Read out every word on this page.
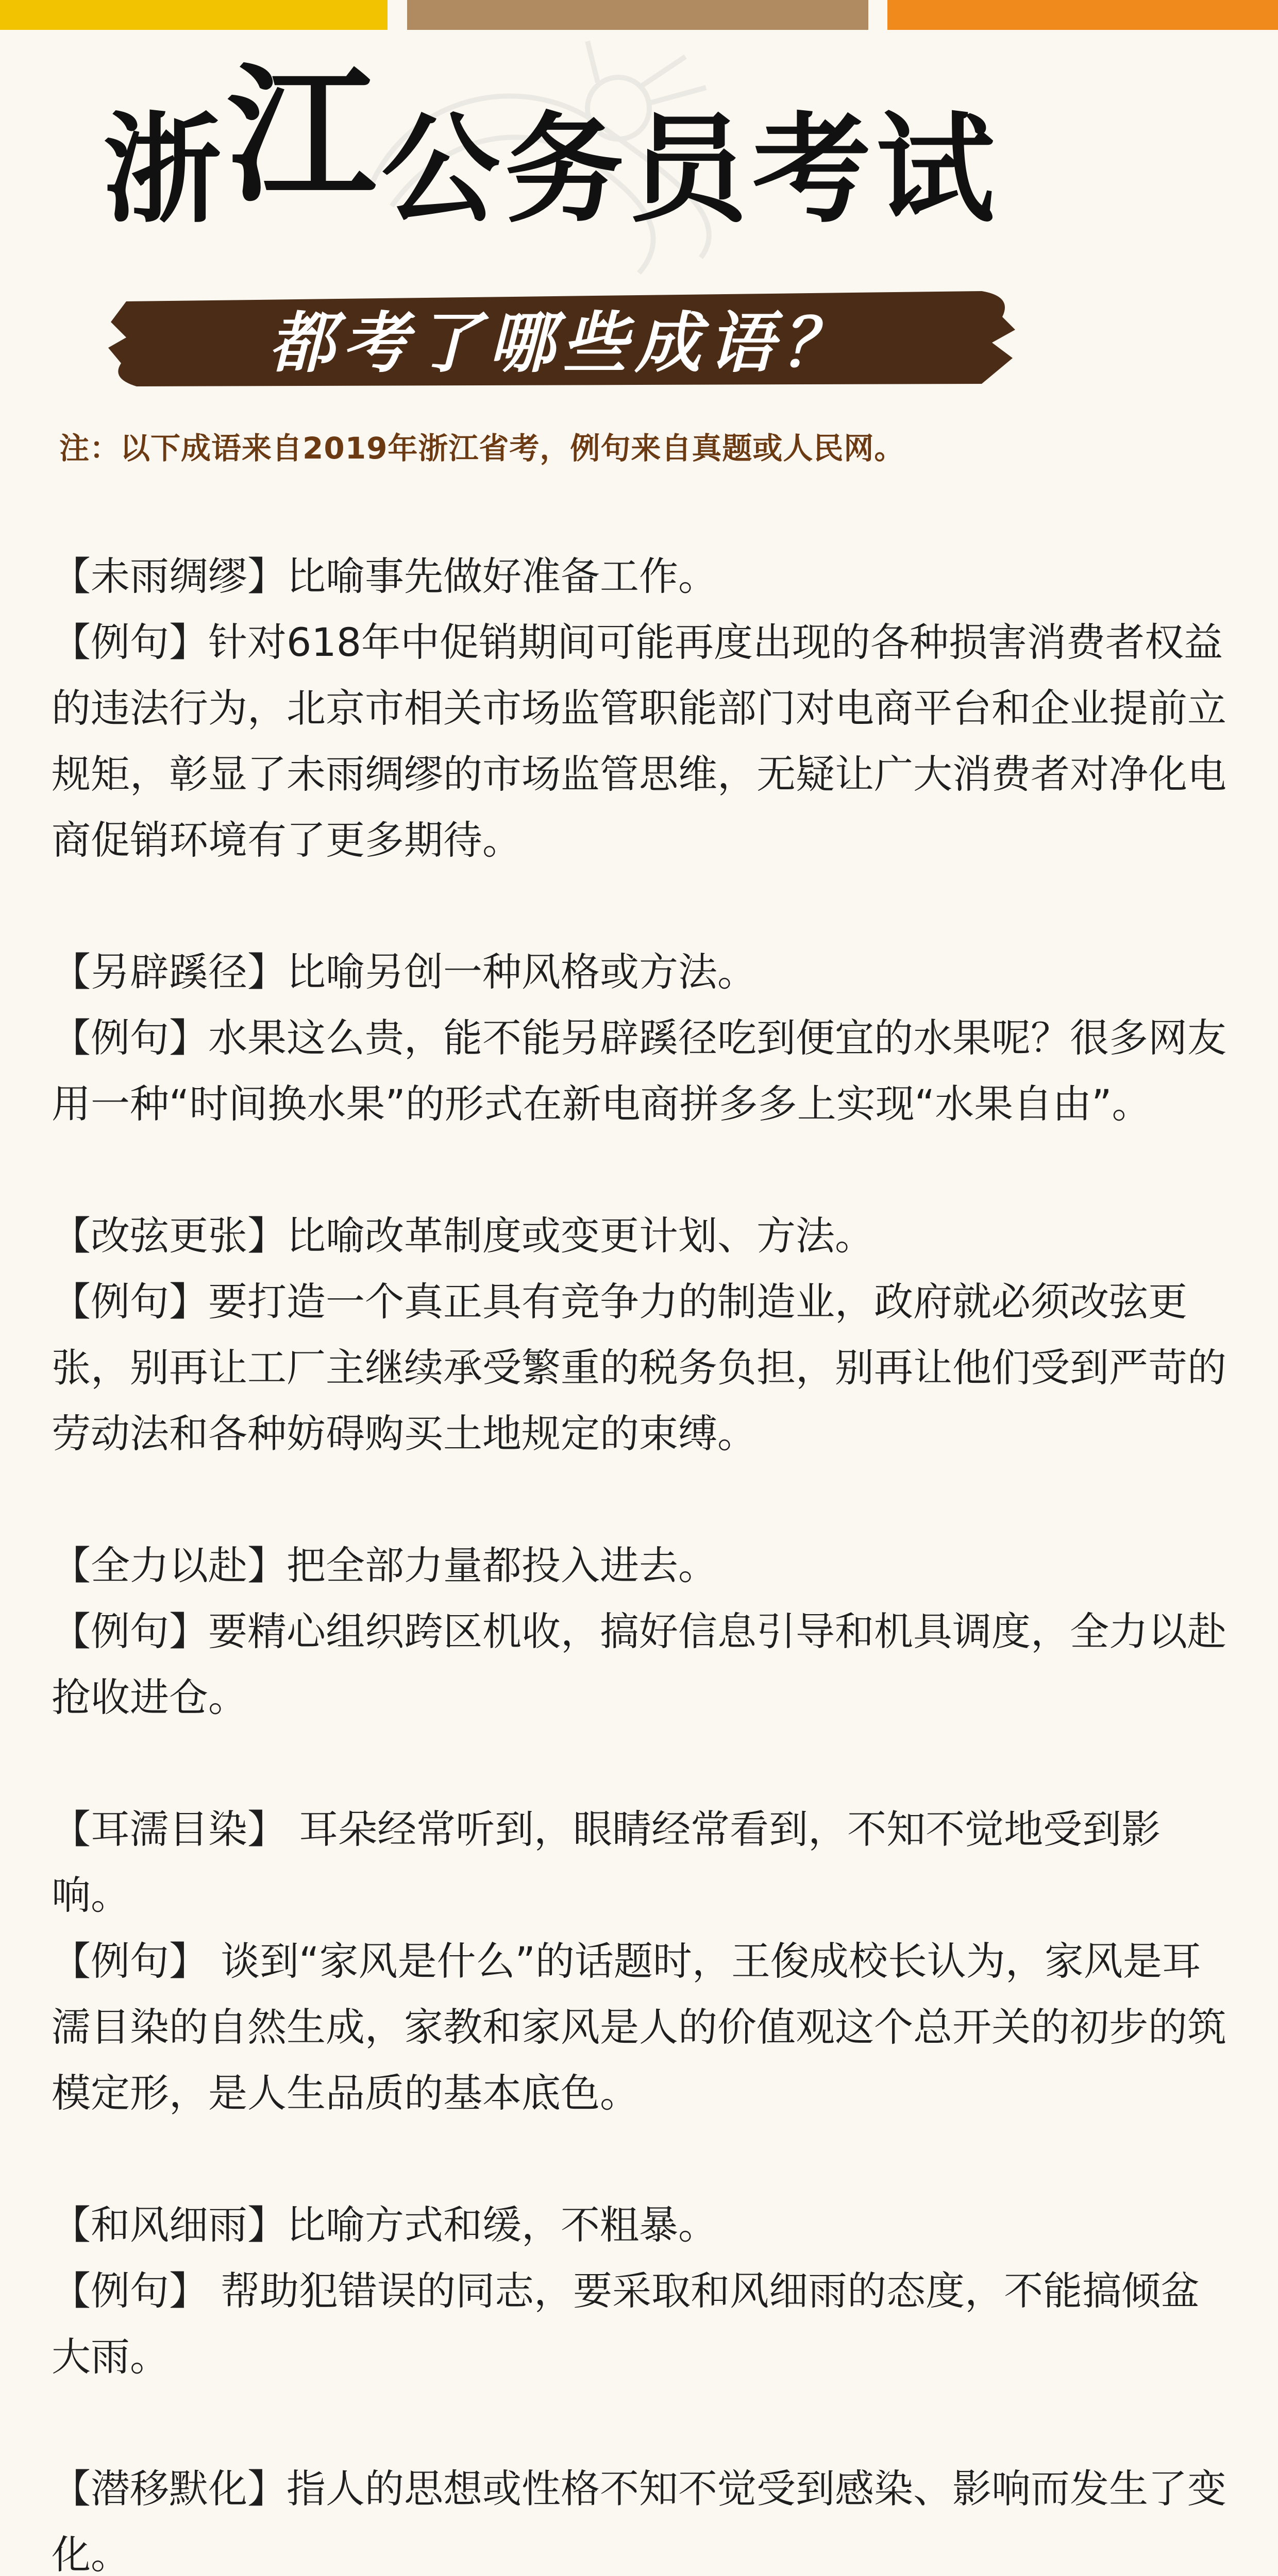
浙江公务员考试
都考了哪些成语？
注：以下成语来自2019年浙江省考，例句来自真题或人民网。

【未雨绸缪】比喻事先做好准备工作。

【例句】针对618年中促销期间可能再度出现的各种损害消费者权益的违法行为，北京市相关市场监管职能部门对电商平台和企业提前立规矩，彰显了未雨绸缪的市场监管思维，无疑让广大消费者对净化电商促销环境有了更多期待。

【另辟蹊径】比喻另创一种风格或方法。

【例句】水果这么贵，能不能另辟蹊径吃到便宜的水果呢？很多网友用一种“时间换水果”的形式在新电商拼多多上实现“水果自由”。

【改弦更张】比喻改革制度或变更计划、方法。

【例句】要打造一个真正具有竞争力的制造业，政府就必须改弦更张，别再让工厂主继续承受繁重的税务负担，别再让他们受到严苛的劳动法和各种妨碍购买土地规定的束缚。

【全力以赴】把全部力量都投入进去。

【例句】要精心组织跨区机收，搞好信息引导和机具调度，全力以赴抢收进仓。

【耳濡目染】 耳朵经常听到，眼睛经常看到，不知不觉地受到影响。

【例句】 谈到“家风是什么”的话题时，王俊成校长认为，家风是耳濡目染的自然生成，家教和家风是人的价值观这个总开关的初步的筑模定形，是人生品质的基本底色。

【和风细雨】比喻方式和缓，不粗暴。

【例句】 帮助犯错误的同志，要采取和风细雨的态度，不能搞倾盆大雨。

【潜移默化】指人的思想或性格不知不觉受到感染、影响而发生了变化。
